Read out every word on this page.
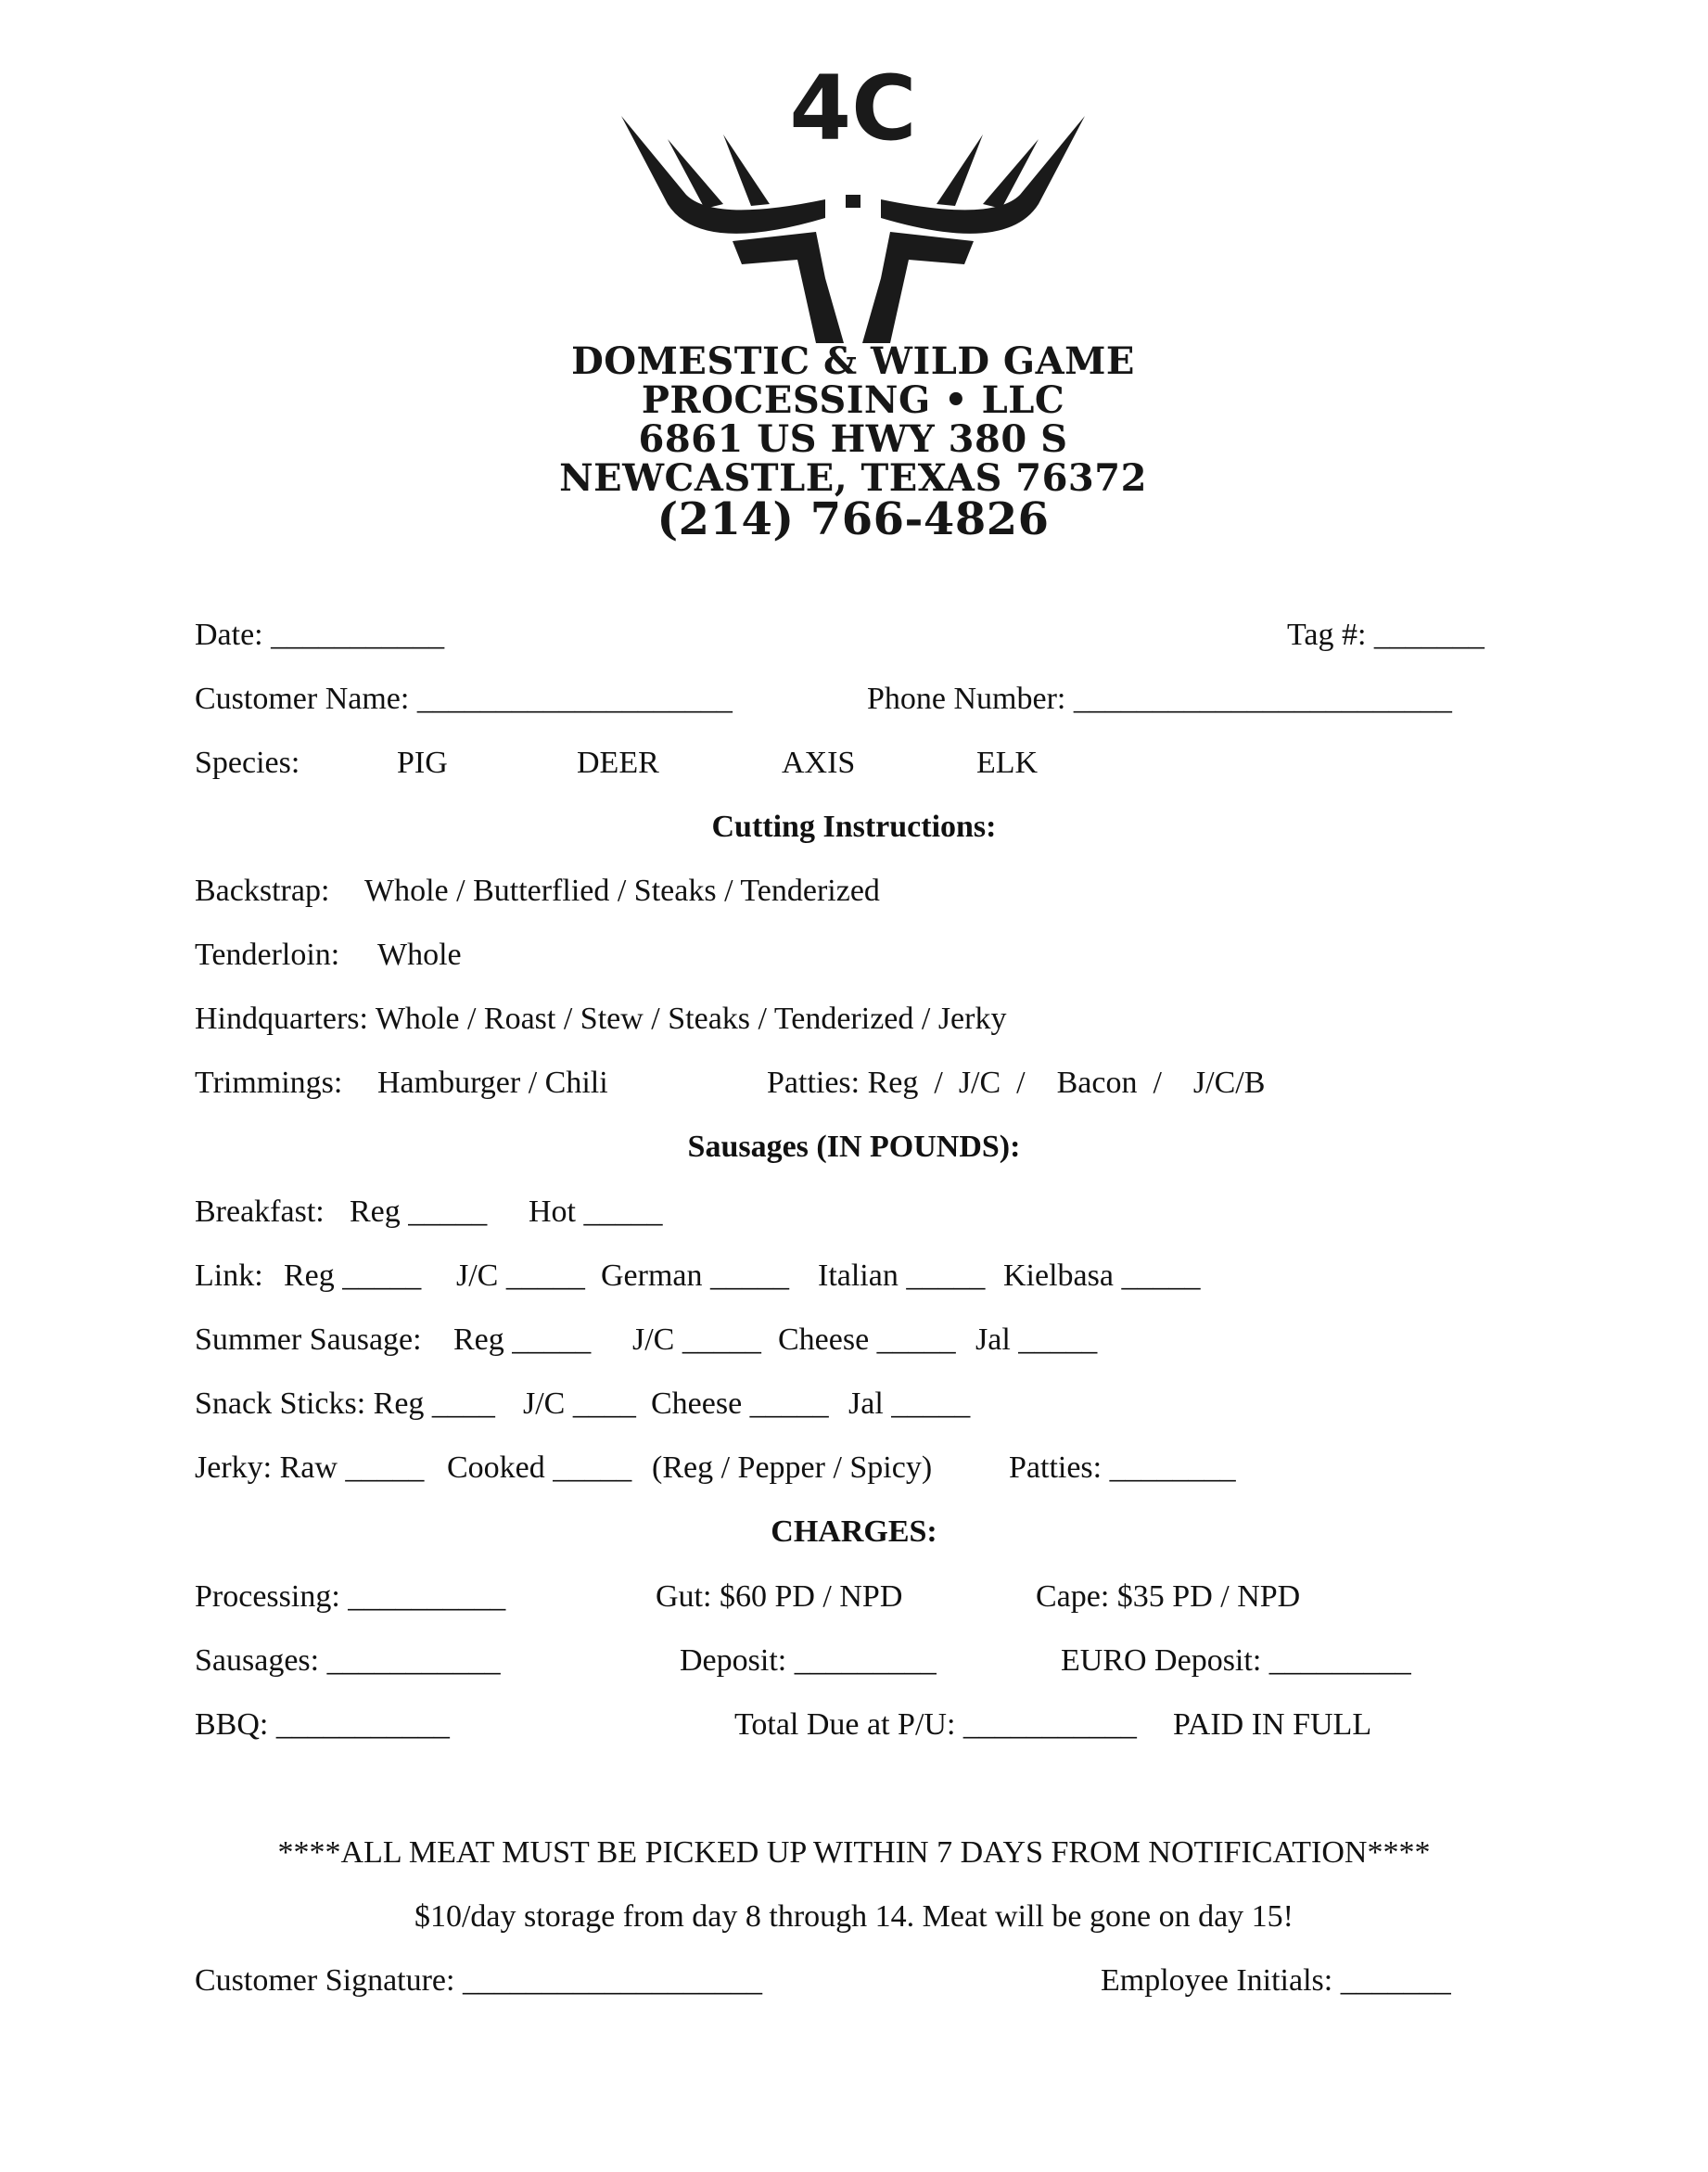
4C
DOMESTIC & WILD GAME
PROCESSING • LLC
6861 US HWY 380 S
NEWCASTLE, TEXAS 76372
(214) 766-4826
Date: ___________	Tag #: _______
Customer Name: ____________________	Phone Number: ________________________
Species:	PIG	DEER	AXIS	ELK
Cutting Instructions:
Backstrap: Whole / Butterflied / Steaks / Tenderized
Tenderloin: Whole
Hindquarters: Whole / Roast / Stew / Steaks / Tenderized / Jerky
Trimmings: Hamburger / Chili	Patties: Reg  /  J/C  /    Bacon  /    J/C/B
Sausages (IN POUNDS):
Breakfast: Reg _____ Hot _____
Link: Reg _____ J/C _____ German _____ Italian _____ Kielbasa _____
Summer Sausage: Reg _____ J/C _____ Cheese _____ Jal _____
Snack Sticks: Reg ____ J/C ____ Cheese _____ Jal _____
Jerky: Raw _____ Cooked _____ (Reg / Pepper / Spicy) Patties: ________
CHARGES:
Processing: __________	Gut: $60 PD / NPD	Cape: $35 PD / NPD
Sausages: ___________	Deposit: _________	EURO Deposit: _________
BBQ: ___________	Total Due at P/U: ___________ PAID IN FULL
****ALL MEAT MUST BE PICKED UP WITHIN 7 DAYS FROM NOTIFICATION****
$10/day storage from day 8 through 14. Meat will be gone on day 15!
Customer Signature: ___________________	Employee Initials: _______
